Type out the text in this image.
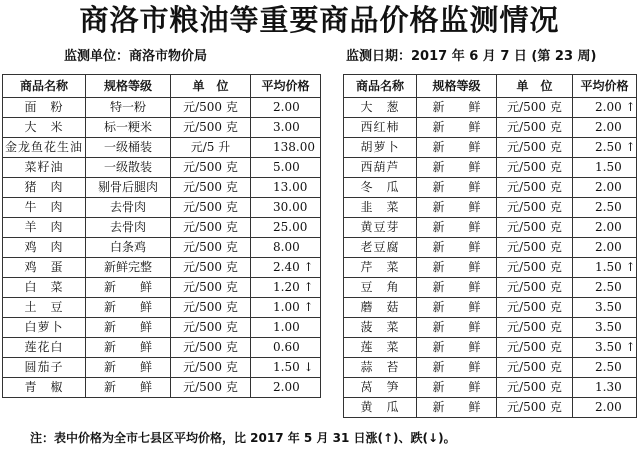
商洛市粮油等重要商品价格监测情况
监测单位：商洛市物价局	监测日期：2017 年 6 月 7 日 (第 23 周)
商品名称	规格等级	单　位	平均价格
面　粉	特一粉	元/500 克	2.00
大　米	标一粳米	元/500 克	3.00
金龙鱼花生油	一级桶装	元/5 升	138.00
菜籽油	一级散装	元/500 克	5.00
猪　肉	剔骨后腿肉	元/500 克	13.00
牛　肉	去骨肉	元/500 克	30.00
羊　肉	去骨肉	元/500 克	25.00
鸡　肉	白条鸡	元/500 克	8.00
鸡　蛋	新鲜完整	元/500 克	2.40 ↑
白　菜	新　　鲜	元/500 克	1.20 ↑
土　豆	新　　鲜	元/500 克	1.00 ↑
白萝卜	新　　鲜	元/500 克	1.00
莲花白	新　　鲜	元/500 克	0.60
圆茄子	新　　鲜	元/500 克	1.50 ↓
青　椒	新　　鲜	元/500 克	2.00
商品名称	规格等级	单　位	平均价格
大　葱	新　　鲜	元/500 克	2.00 ↑
西红柿	新　　鲜	元/500 克	2.00
胡萝卜	新　　鲜	元/500 克	2.50 ↑
西葫芦	新　　鲜	元/500 克	1.50
冬　瓜	新　　鲜	元/500 克	2.00
韭　菜	新　　鲜	元/500 克	2.50
黄豆芽	新　　鲜	元/500 克	2.00
老豆腐	新　　鲜	元/500 克	2.00
芹　菜	新　　鲜	元/500 克	1.50 ↑
豆　角	新　　鲜	元/500 克	2.50
蘑　菇	新　　鲜	元/500 克	3.50
菠　菜	新　　鲜	元/500 克	3.50
莲　菜	新　　鲜	元/500 克	3.50 ↑
蒜　苔	新　　鲜	元/500 克	2.50
莴　笋	新　　鲜	元/500 克	1.30
黄　瓜	新　　鲜	元/500 克	2.00
注：表中价格为全市七县区平均价格，比 2017 年 5 月 31 日涨(↑)、跌(↓)。
